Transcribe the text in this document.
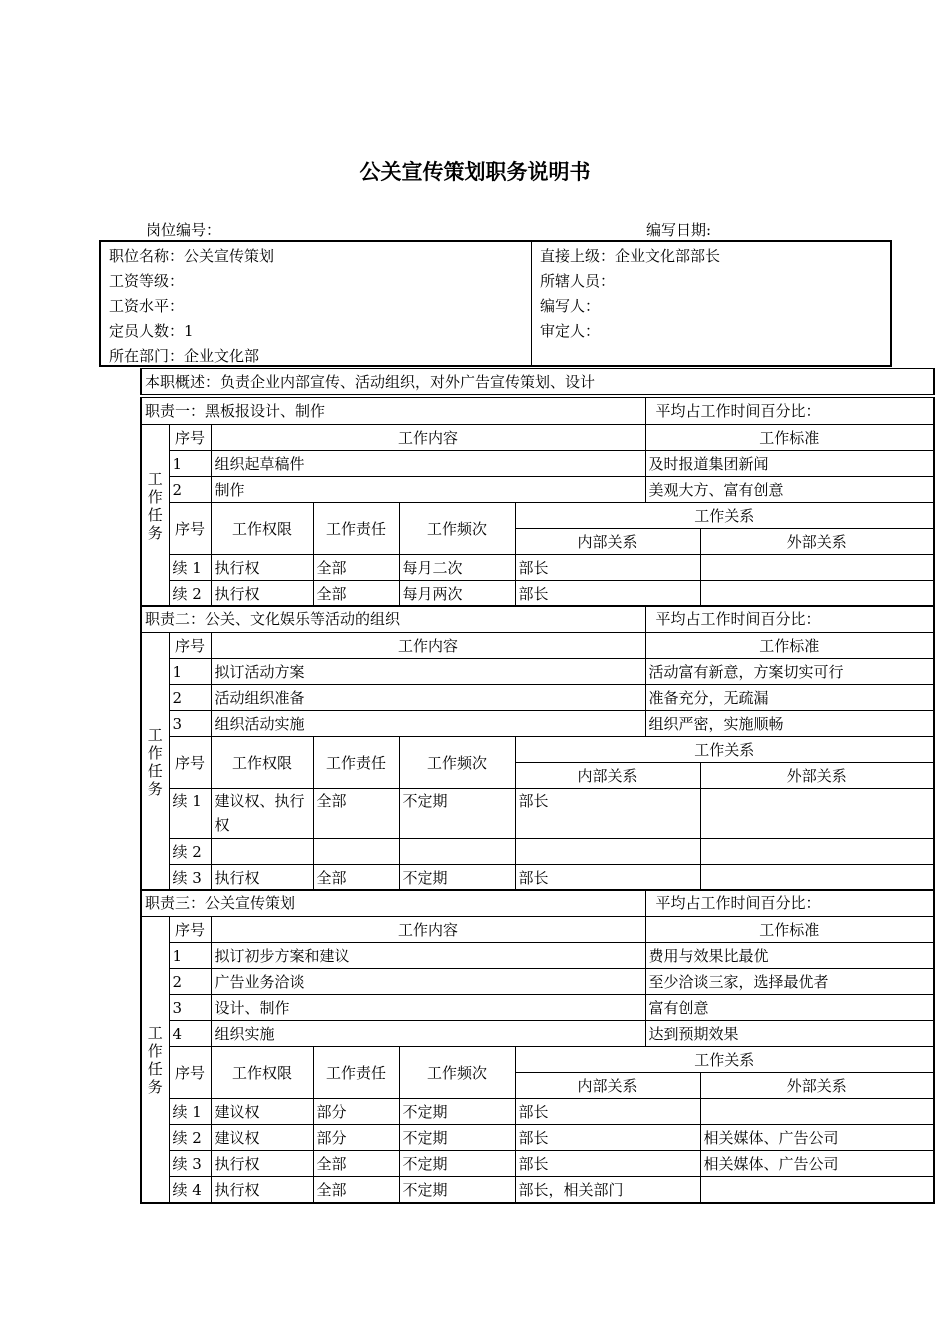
公关宣传策划职务说明书
岗位编号：	编写日期:
职位名称：公关宣传策划
工资等级：
工资水平：
定员人数：1
所在部门：企业文化部
直接上级：企业文化部部长
所辖人员：
编写人：
审定人：
本职概述：负责企业内部宣传、活动组织，对外广告宣传策划、设计
职责一：黑板报设计、制作						平均占工作时间百分比：	

工作任务	序号	工作内容				工作标准	
	1	组织起草稿件				及时报道集团新闻	
	2	制作				美观大方、富有创意	
	序号	工作权限	工作责任	工作频次	工作关系		
					内部关系		外部关系
	续 1	执行权	全部	每月二次	部长		
	续 2	执行权	全部	每月两次	部长		
职责二：公关、文化娱乐等活动的组织						平均占工作时间百分比：	

工作任务	序号	工作内容				工作标准	
	1	拟订活动方案				活动富有新意，方案切实可行	
	2	活动组织准备				准备充分，无疏漏	
	3	组织活动实施				组织严密，实施顺畅	
	序号	工作权限	工作责任	工作频次	工作关系		
					内部关系		外部关系
	续 1	建议权、执行权	全部	不定期	部长		
	续 2						
	续 3	执行权	全部	不定期	部长		
职责三：公关宣传策划						平均占工作时间百分比：	

工作任务	序号	工作内容				工作标准	
	1	拟订初步方案和建议				费用与效果比最优	
	2	广告业务洽谈				至少洽谈三家，选择最优者	
	3	设计、制作				富有创意	
	4	组织实施				达到预期效果	
	序号	工作权限	工作责任	工作频次	工作关系		
					内部关系		外部关系
	续 1	建议权	部分	不定期	部长		
	续 2	建议权	部分	不定期	部长		相关媒体、广告公司
	续 3	执行权	全部	不定期	部长		相关媒体、广告公司
	续 4	执行权	全部	不定期	部长，相关部门		
